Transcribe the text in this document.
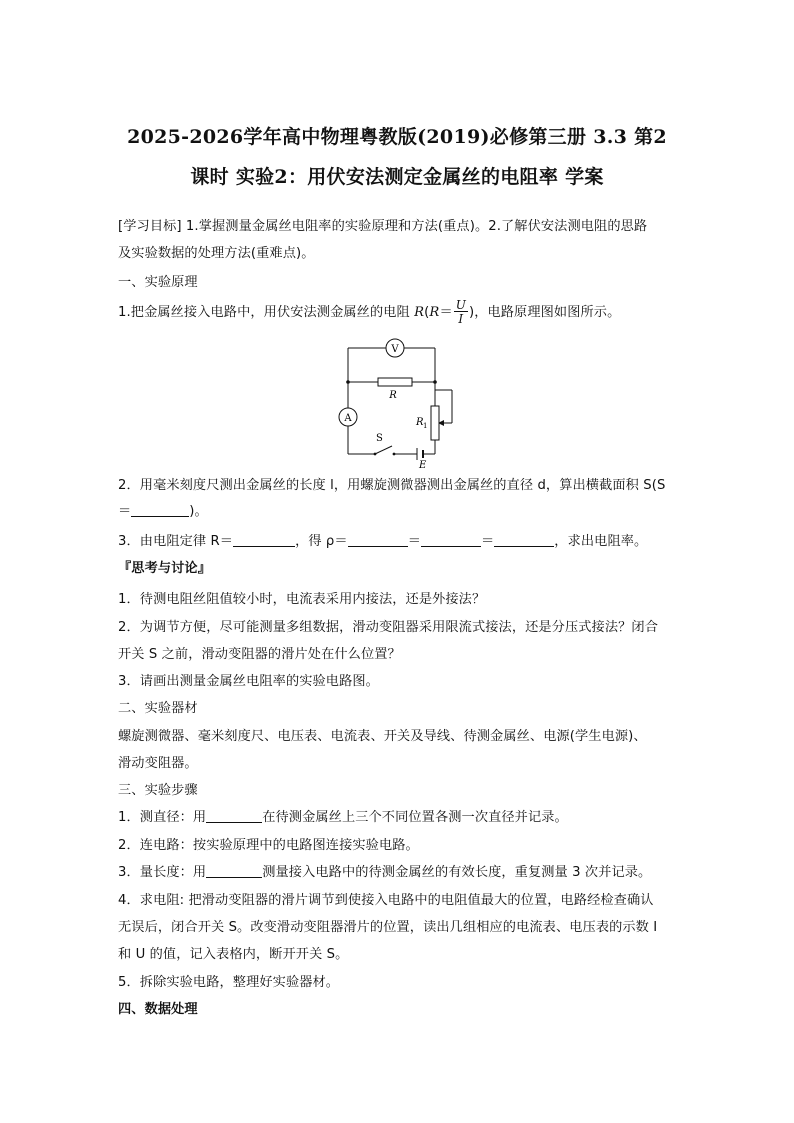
2025-2026学年高中物理粤教版(2019)必修第三册 3.3 第2
课时 实验2：用伏安法测定金属丝的电阻率 学案
[学习目标] 1.掌握测量金属丝电阻率的实验原理和方法(重点)。2.了解伏安法测电阻的思路
及实验数据的处理方法(重难点)。
一、实验原理
1.把金属丝接入电路中，用伏安法测金属丝的电阻 $R(R= \frac{U}{I}$ )，电路原理图如图所示。
V
A
R
R 1
S
E
2．用毫米刻度尺测出金属丝的长度 l，用螺旋测微器测出金属丝的直径 d，算出横截面积 S(S
＝	)。
3．由电阻定律 R＝	，得 ρ＝	＝	＝	，求出电阻率。
『思考与讨论』
1．待测电阻丝阻值较小时，电流表采用内接法，还是外接法？
2．为调节方便，尽可能测量多组数据，滑动变阻器采用限流式接法，还是分压式接法？闭合
开关 S 之前，滑动变阻器的滑片处在什么位置？
3．请画出测量金属丝电阻率的实验电路图。
二、实验器材
螺旋测微器、毫米刻度尺、电压表、电流表、开关及导线、待测金属丝、电源(学生电源)、
滑动变阻器。
三、实验步骤
1．测直径：用	在待测金属丝上三个不同位置各测一次直径并记录。
2．连电路：按实验原理中的电路图连接实验电路。
3．量长度：用	测量接入电路中的待测金属丝的有效长度，重复测量 3 次并记录。
4．求电阻: 把滑动变阻器的滑片调节到使接入电路中的电阻值最大的位置，电路经检查确认
无误后，闭合开关 S。改变滑动变阻器滑片的位置，读出几组相应的电流表、电压表的示数 I
和 U 的值，记入表格内，断开开关 S。
5．拆除实验电路，整理好实验器材。
四、数据处理
